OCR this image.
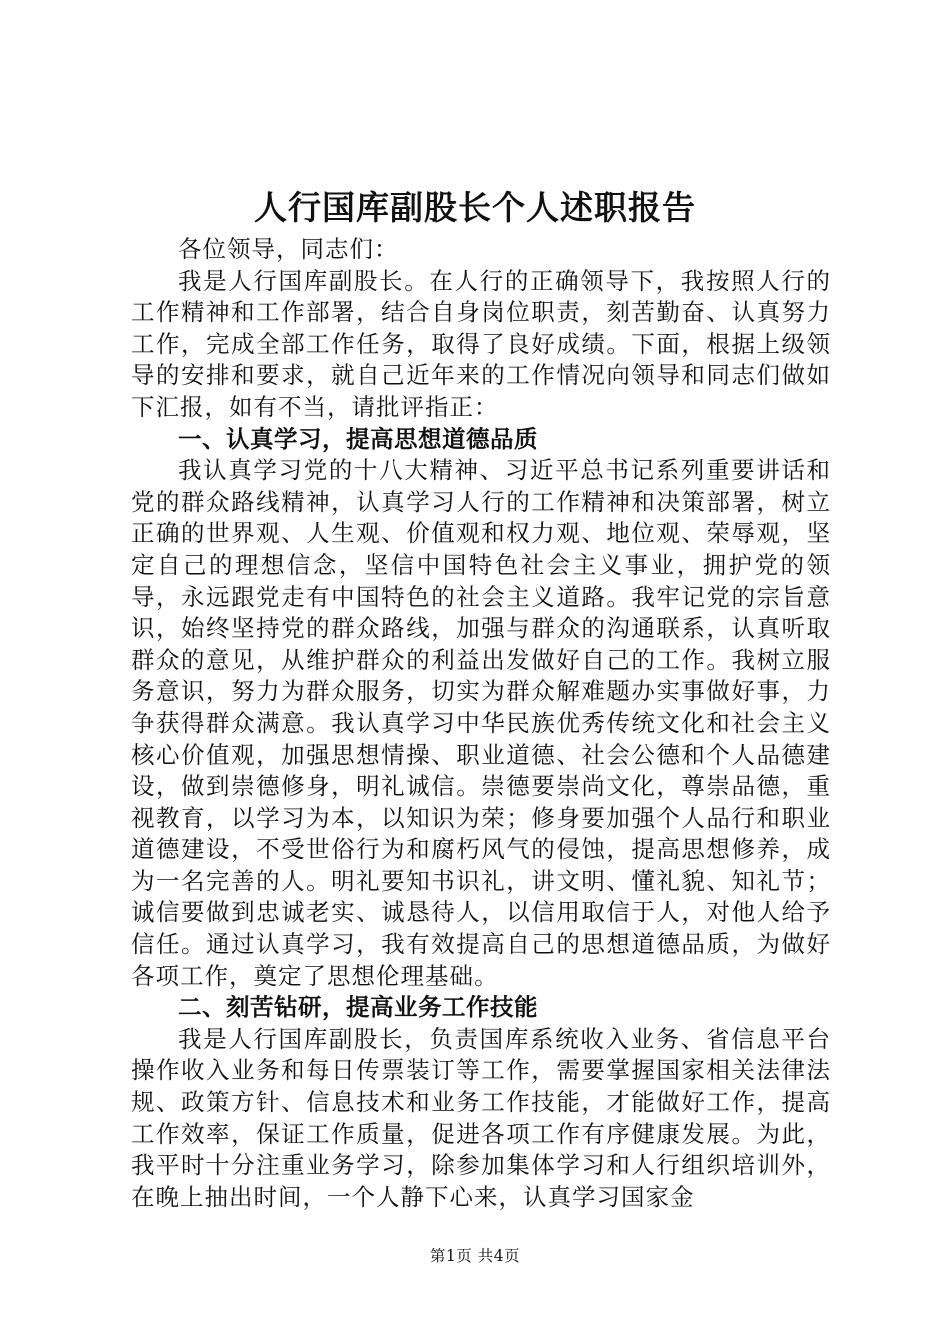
人行国库副股长个人述职报告

各位领导，同志们：

我是人行国库副股长。在人行的正确领导下，我按照人行的工作精神和工作部署，结合自身岗位职责，刻苦勤奋、认真努力工作，完成全部工作任务，取得了良好成绩。下面，根据上级领导的安排和要求，就自己近年来的工作情况向领导和同志们做如下汇报，如有不当，请批评指正：

一、认真学习，提高思想道德品质

我认真学习党的十八大精神、习近平总书记系列重要讲话和党的群众路线精神，认真学习人行的工作精神和决策部署，树立正确的世界观、人生观、价值观和权力观、地位观、荣辱观，坚定自己的理想信念，坚信中国特色社会主义事业，拥护党的领导，永远跟党走有中国特色的社会主义道路。我牢记党的宗旨意识，始终坚持党的群众路线，加强与群众的沟通联系，认真听取群众的意见，从维护群众的利益出发做好自己的工作。我树立服务意识，努力为群众服务，切实为群众解难题办实事做好事，力争获得群众满意。我认真学习中华民族优秀传统文化和社会主义核心价值观，加强思想情操、职业道德、社会公德和个人品德建设，做到崇德修身，明礼诚信。崇德要崇尚文化，尊崇品德，重视教育，以学习为本，以知识为荣；修身要加强个人品行和职业道德建设，不受世俗行为和腐朽风气的侵蚀，提高思想修养，成为一名完善的人。明礼要知书识礼，讲文明、懂礼貌、知礼节；诚信要做到忠诚老实、诚恳待人，以信用取信于人，对他人给予信任。通过认真学习，我有效提高自己的思想道德品质，为做好各项工作，奠定了思想伦理基础。

二、刻苦钻研，提高业务工作技能

我是人行国库副股长，负责国库系统收入业务、省信息平台操作收入业务和每日传票装订等工作，需要掌握国家相关法律法规、政策方针、信息技术和业务工作技能，才能做好工作，提高工作效率，保证工作质量，促进各项工作有序健康发展。为此，我平时十分注重业务学习，除参加集体学习和人行组织培训外，在晚上抽出时间，一个人静下心来，认真学习国家金

第1页 共4页
